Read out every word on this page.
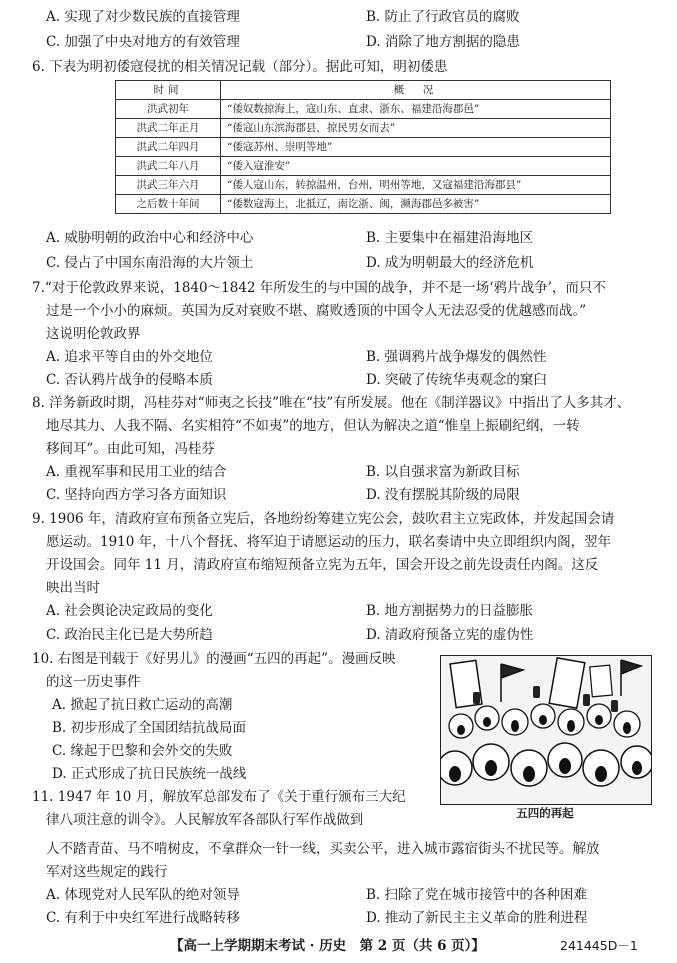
A. 实现了对少数民族的直接管理	B. 防止了行政官员的腐败
C. 加强了中央对地方的有效管理	D. 消除了地方割据的隐患
6. 下表为明初倭寇侵扰的相关情况记载（部分）。据此可知，明初倭患
时间	概　况
洪武初年	“倭奴数掠海上，寇山东、直隶、浙东、福建沿海郡邑”
洪武二年正月	“倭寇山东滨海郡县，掠民男女而去”
洪武二年四月	“倭寇苏州、崇明等地”
洪武二年八月	“倭入寇淮安”
洪武三年六月	“倭人寇山东，转掠温州，台州，明州等地，又寇福建沿海郡县”
之后数十年间	“倭数寇海上，北抵辽，南讫浙、闽，濒海郡邑多被害”
A. 威胁明朝的政治中心和经济中心	B. 主要集中在福建沿海地区
C. 侵占了中国东南沿海的大片领土	D. 成为明朝最大的经济危机
7.“对于伦敦政界来说，1840～1842 年所发生的与中国的战争，并不是一场‘鸦片战争’，而只不
过是一个小小的麻烦。英国为反对衰败不堪、腐败透顶的中国令人无法忍受的优越感而战。”
这说明伦敦政界
A. 追求平等自由的外交地位	B. 强调鸦片战争爆发的偶然性
C. 否认鸦片战争的侵略本质	D. 突破了传统华夷观念的窠臼
8. 洋务新政时期，冯桂芬对“师夷之长技”唯在“技”有所发展。他在《制洋器议》中指出了人多其才、
地尽其力、人我不隔、名实相符“不如夷”的地方，但认为解决之道“惟皇上振刷纪纲，一转
移间耳”。由此可知，冯桂芬
A. 重视军事和民用工业的结合	B. 以自强求富为新政目标
C. 坚持向西方学习各方面知识	D. 没有摆脱其阶级的局限
9. 1906 年，清政府宣布预备立宪后，各地纷纷筹建立宪公会，鼓吹君主立宪政体，并发起国会请
愿运动。1910 年，十八个督抚、将军迫于请愿运动的压力，联名奏请中央立即组织内阁，翌年
开设国会。同年 11 月，清政府宣布缩短预备立宪为五年，国会开设之前先设责任内阁。这反
映出当时
A. 社会舆论决定政局的变化	B. 地方割据势力的日益膨胀
C. 政治民主化已是大势所趋	D. 清政府预备立宪的虚伪性
10. 右图是刊载于《好男儿》的漫画“五四的再起”。漫画反映
的这一历史事件
A. 掀起了抗日救亡运动的高潮
B. 初步形成了全国团结抗战局面
C. 缘起于巴黎和会外交的失败
D. 正式形成了抗日民族统一战线
五四的再起
11. 1947 年 10 月，解放军总部发布了《关于重行颁布三大纪
律八项注意的训令》。人民解放军各部队行军作战做到
人不踏青苗、马不啃树皮，不拿群众一针一线，买卖公平，进入城市露宿街头不扰民等。解放
军对这些规定的践行
A. 体现党对人民军队的绝对领导	B. 扫除了党在城市接管中的各种困难
C. 有利于中央红军进行战略转移	D. 推动了新民主主义革命的胜利进程
【高一上学期期末考试 · 历史　第 2 页（共 6 页）】	241445D－1
